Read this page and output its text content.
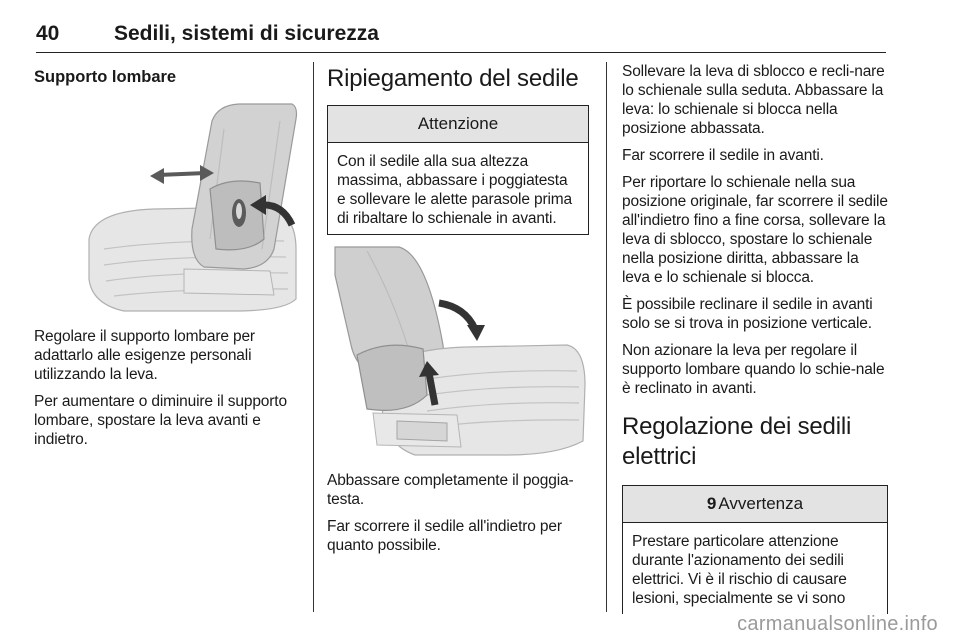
40	Sedili, sistemi di sicurezza
Supporto lombare

Regolare il supporto lombare per adattarlo alle esigenze personali utilizzando la leva.

Per aumentare o diminuire il supporto lombare, spostare la leva avanti e indietro.

Ripiegamento del sedile
Attenzione

Con il sedile alla sua altezza massima, abbassare i poggiatesta e sollevare le alette parasole prima di ribaltare lo schienale in avanti.

Abbassare completamente il poggia-testa.

Far scorrere il sedile all'indietro per quanto possibile.

Sollevare la leva di sblocco e recli-nare lo schienale sulla seduta. Abbassare la leva: lo schienale si blocca nella posizione abbassata.

Far scorrere il sedile in avanti.

Per riportare lo schienale nella sua posizione originale, far scorrere il sedile all'indietro fino a fine corsa, sollevare la leva di sblocco, spostare lo schienale nella posizione diritta, abbassare la leva e lo schienale si blocca.

È possibile reclinare il sedile in avanti solo se si trova in posizione verticale.

Non azionare la leva per regolare il supporto lombare quando lo schie-nale è reclinato in avanti.

Regolazione dei sedili elettrici
9 Avvertenza

Prestare particolare attenzione durante l'azionamento dei sedili elettrici. Vi è il rischio di causare lesioni, specialmente se vi sono

carmanualsonline.info
